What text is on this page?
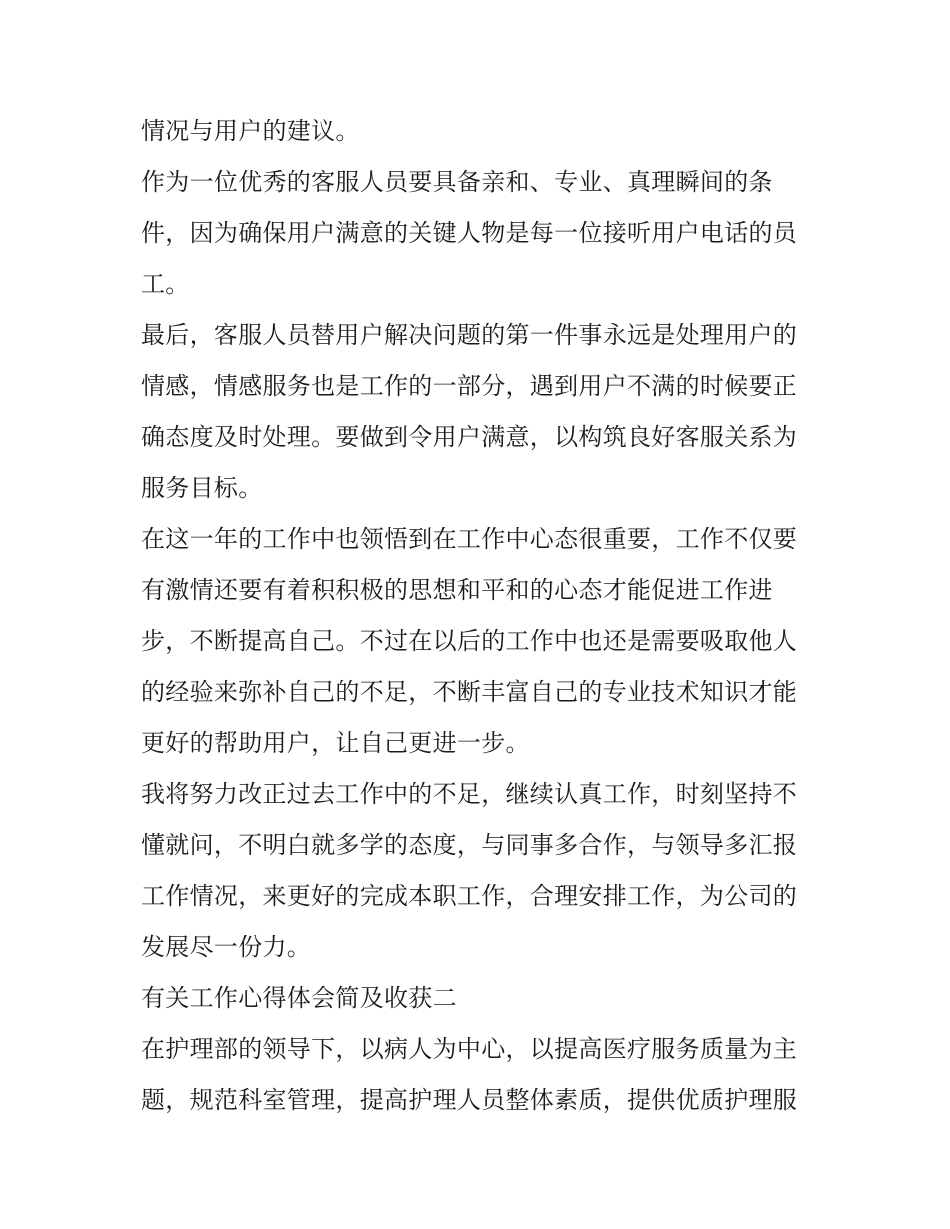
情况与用户的建议。
作为一位优秀的客服人员要具备亲和、专业、真理瞬间的条
件，因为确保用户满意的关键人物是每一位接听用户电话的员
工。
最后，客服人员替用户解决问题的第一件事永远是处理用户的
情感，情感服务也是工作的一部分，遇到用户不满的时候要正
确态度及时处理。要做到令用户满意，以构筑良好客服关系为
服务目标。
在这一年的工作中也领悟到在工作中心态很重要，工作不仅要
有激情还要有着积积极的思想和平和的心态才能促进工作进
步，不断提高自己。不过在以后的工作中也还是需要吸取他人
的经验来弥补自己的不足，不断丰富自己的专业技术知识才能
更好的帮助用户，让自己更进一步。
我将努力改正过去工作中的不足，继续认真工作，时刻坚持不
懂就问，不明白就多学的态度，与同事多合作，与领导多汇报
工作情况，来更好的完成本职工作，合理安排工作，为公司的
发展尽一份力。
有关工作心得体会简及收获二
在护理部的领导下，以病人为中心，以提高医疗服务质量为主
题，规范科室管理，提高护理人员整体素质，提供优质护理服
